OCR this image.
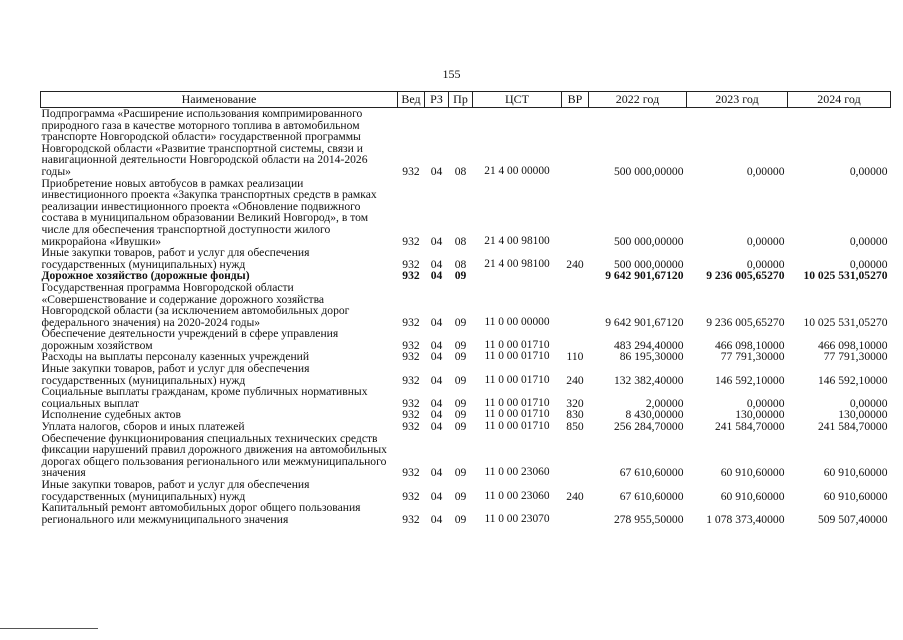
155
Наименование	Вед	РЗ	Пр	ЦСТ	ВР	2022 год	2023 год	2024 год
Подпрограмма «Расширение использования компримированного природного газа в качестве моторного топлива в автомобильном транспорте Новгородской области» государственной программы Новгородской области «Развитие транспортной системы, связи и навигационной деятельности Новгородской области на 2014-2026 годы»	932	04	08	21 4 00 00000		500 000,00000	0,00000	0,00000
Приобретение новых автобусов в рамках реализации инвестиционного проекта «Закупка транспортных средств в рамках реализации инвестиционного проекта «Обновление подвижного состава в муниципальном образовании Великий Новгород», в том числе для обеспечения транспортной доступности жилого микрорайона «Ивушки»	932	04	08	21 4 00 98100		500 000,00000	0,00000	0,00000
Иные закупки товаров, работ и услуг для обеспечения государственных (муниципальных) нужд	932	04	08	21 4 00 98100	240	500 000,00000	0,00000	0,00000
Дорожное хозяйство (дорожные фонды)	932	04	09			9 642 901,67120	9 236 005,65270	10 025 531,05270
Государственная программа Новгородской области «Совершенствование и содержание дорожного хозяйства Новгородской области (за исключением автомобильных дорог федерального значения) на 2020-2024 годы»	932	04	09	11 0 00 00000		9 642 901,67120	9 236 005,65270	10 025 531,05270
Обеспечение деятельности учреждений в сфере управления дорожным хозяйством	932	04	09	11 0 00 01710		483 294,40000	466 098,10000	466 098,10000
Расходы на выплаты персоналу казенных учреждений	932	04	09	11 0 00 01710	110	86 195,30000	77 791,30000	77 791,30000
Иные закупки товаров, работ и услуг для обеспечения государственных (муниципальных) нужд	932	04	09	11 0 00 01710	240	132 382,40000	146 592,10000	146 592,10000
Социальные выплаты гражданам, кроме публичных нормативных социальных выплат	932	04	09	11 0 00 01710	320	2,00000	0,00000	0,00000
Исполнение судебных актов	932	04	09	11 0 00 01710	830	8 430,00000	130,00000	130,00000
Уплата налогов, сборов и иных платежей	932	04	09	11 0 00 01710	850	256 284,70000	241 584,70000	241 584,70000
Обеспечение функционирования специальных технических средств фиксации нарушений правил дорожного движения на автомобильных дорогах общего пользования регионального или межмуниципального значения	932	04	09	11 0 00 23060		67 610,60000	60 910,60000	60 910,60000
Иные закупки товаров, работ и услуг для обеспечения государственных (муниципальных) нужд	932	04	09	11 0 00 23060	240	67 610,60000	60 910,60000	60 910,60000
Капитальный ремонт автомобильных дорог общего пользования регионального или межмуниципального значения	932	04	09	11 0 00 23070		278 955,50000	1 078 373,40000	509 507,40000
